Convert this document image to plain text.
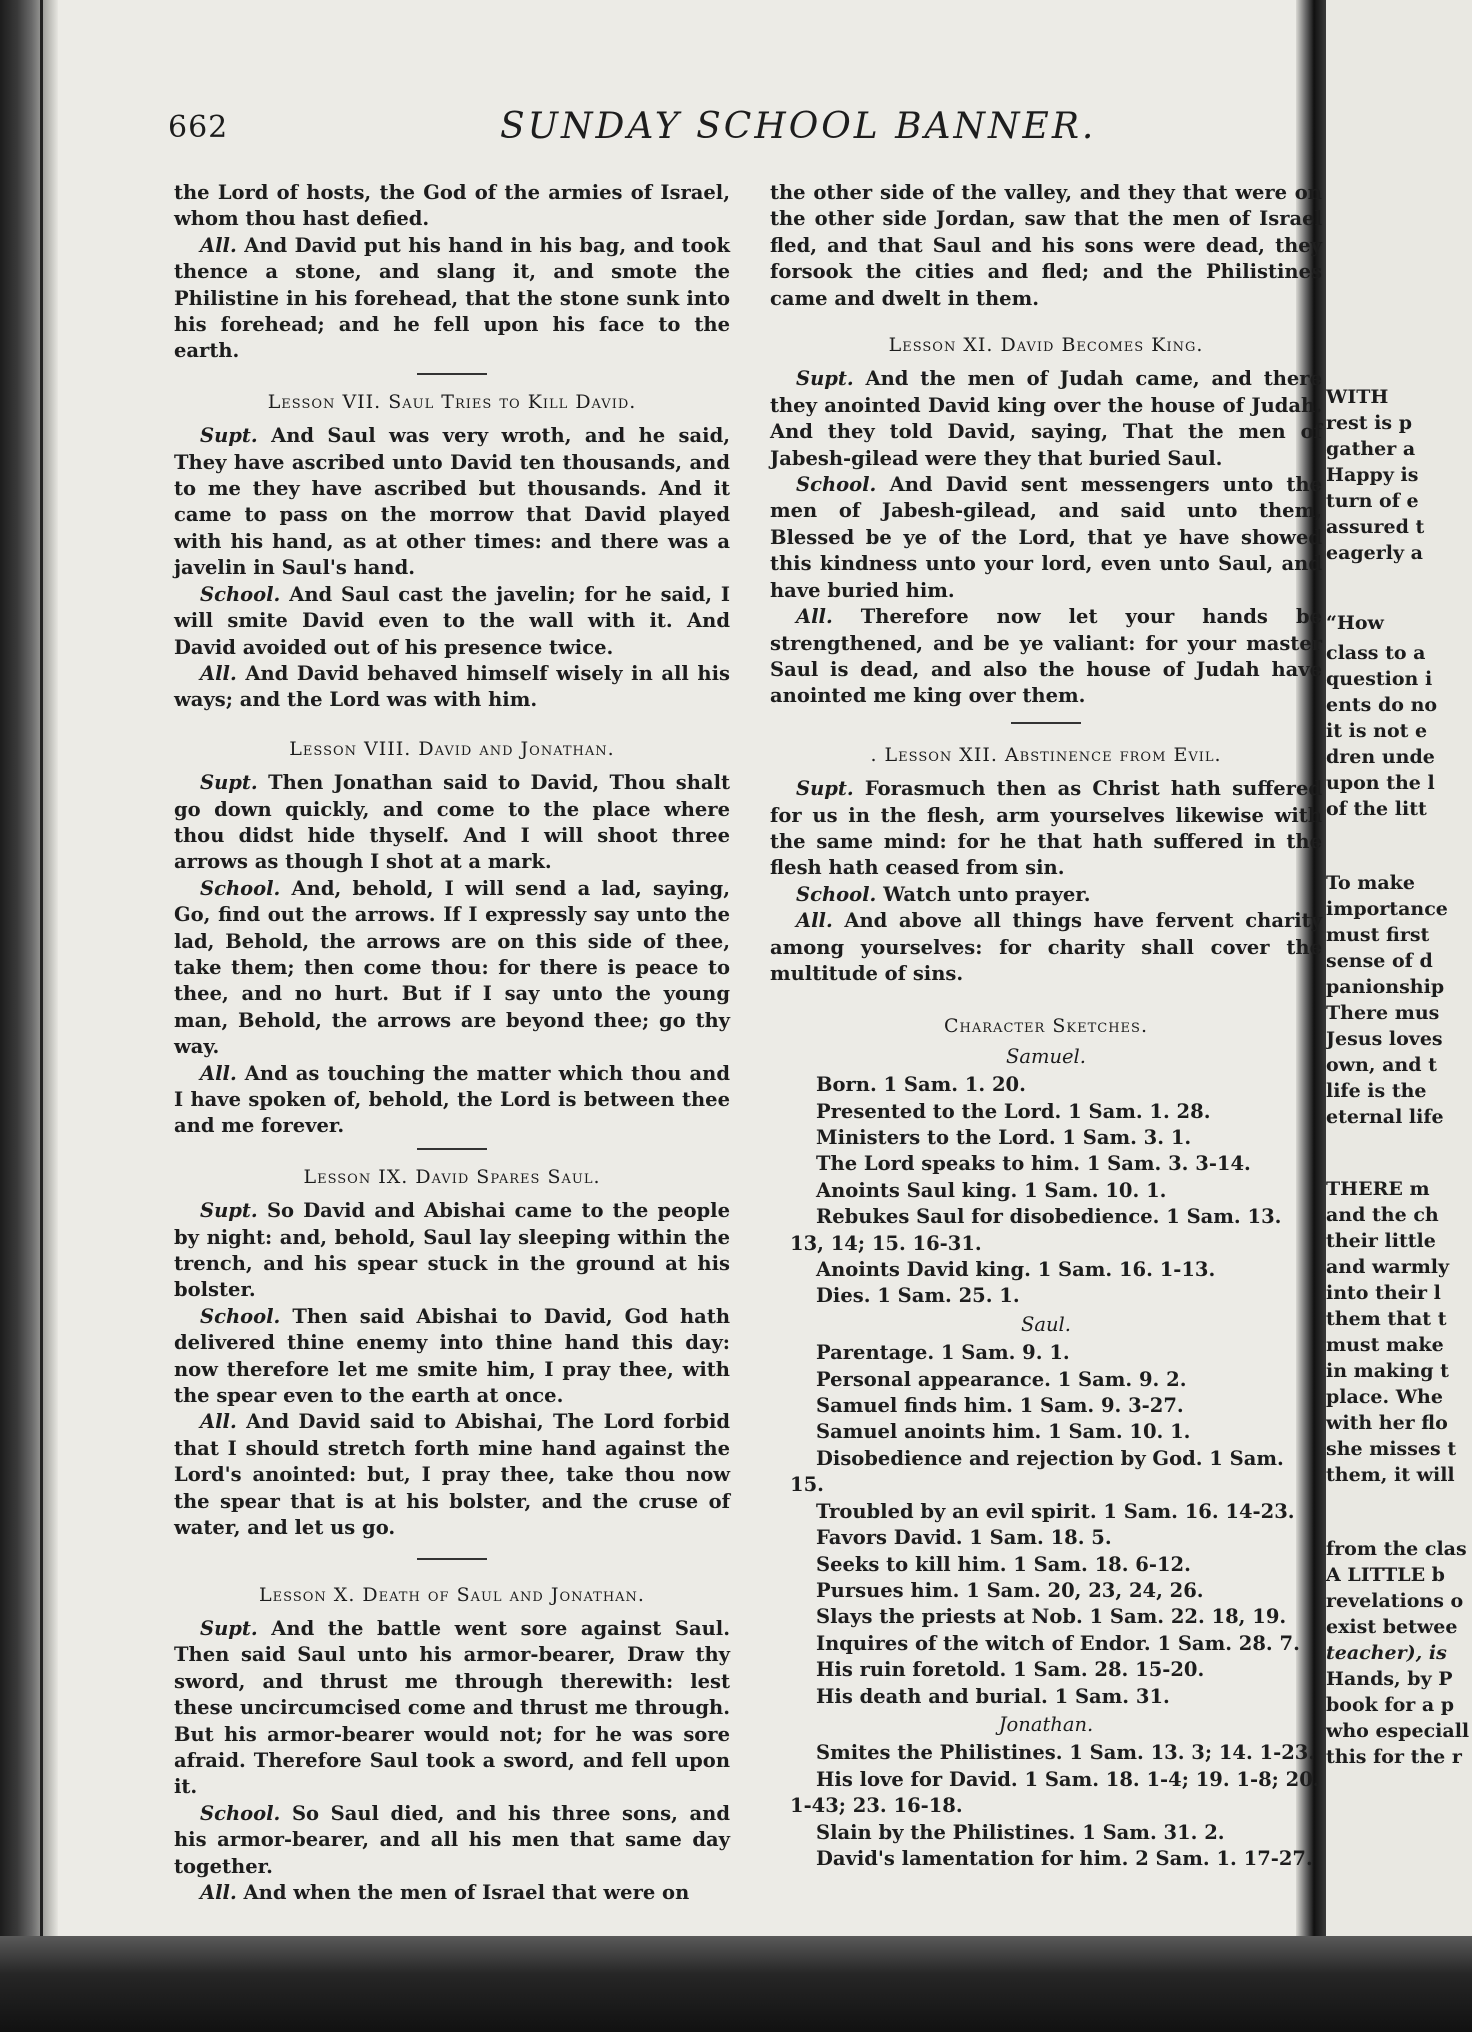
662	SUNDAY SCHOOL BANNER.

the Lord of hosts, the God of the armies of Israel, whom thou hast defied.

All. And David put his hand in his bag, and took thence a stone, and slang it, and smote the Philistine in his forehead, that the stone sunk into his forehead; and he fell upon his face to the earth.

Lesson VII. Saul Tries to Kill David.

Supt. And Saul was very wroth, and he said, They have ascribed unto David ten thousands, and to me they have ascribed but thousands. And it came to pass on the morrow that David played with his hand, as at other times: and there was a javelin in Saul's hand.

School. And Saul cast the javelin; for he said, I will smite David even to the wall with it. And David avoided out of his presence twice.

All. And David behaved himself wisely in all his ways; and the Lord was with him.

Lesson VIII. David and Jonathan.

Supt. Then Jonathan said to David, Thou shalt go down quickly, and come to the place where thou didst hide thyself. And I will shoot three arrows as though I shot at a mark.

School. And, behold, I will send a lad, saying, Go, find out the arrows. If I expressly say unto the lad, Behold, the arrows are on this side of thee, take them; then come thou: for there is peace to thee, and no hurt. But if I say unto the young man, Behold, the arrows are beyond thee; go thy way.

All. And as touching the matter which thou and I have spoken of, behold, the Lord is between thee and me forever.

Lesson IX. David Spares Saul.

Supt. So David and Abishai came to the people by night: and, behold, Saul lay sleeping within the trench, and his spear stuck in the ground at his bolster.

School. Then said Abishai to David, God hath delivered thine enemy into thine hand this day: now therefore let me smite him, I pray thee, with the spear even to the earth at once.

All. And David said to Abishai, The Lord forbid that I should stretch forth mine hand against the Lord's anointed: but, I pray thee, take thou now the spear that is at his bolster, and the cruse of water, and let us go.

Lesson X. Death of Saul and Jonathan.

Supt. And the battle went sore against Saul. Then said Saul unto his armor-bearer, Draw thy sword, and thrust me through therewith: lest these uncircumcised come and thrust me through. But his armor-bearer would not; for he was sore afraid. Therefore Saul took a sword, and fell upon it.

School. So Saul died, and his three sons, and his armor-bearer, and all his men that same day together.

All. And when the men of Israel that were on

the other side of the valley, and they that were on the other side Jordan, saw that the men of Israel fled, and that Saul and his sons were dead, they forsook the cities and fled; and the Philistines came and dwelt in them.

Lesson XI. David Becomes King.

Supt. And the men of Judah came, and there they anointed David king over the house of Judah. And they told David, saying, That the men of Jabesh-gilead were they that buried Saul.

School. And David sent messengers unto the men of Jabesh-gilead, and said unto them, Blessed be ye of the Lord, that ye have showed this kindness unto your lord, even unto Saul, and have buried him.

All. Therefore now let your hands be strengthened, and be ye valiant: for your master Saul is dead, and also the house of Judah have anointed me king over them.

. Lesson XII. Abstinence from Evil.

Supt. Forasmuch then as Christ hath suffered for us in the flesh, arm yourselves likewise with the same mind: for he that hath suffered in the flesh hath ceased from sin.

School. Watch unto prayer.

All. And above all things have fervent charity among yourselves: for charity shall cover the multitude of sins.

Character Sketches.
Samuel.

Born. 1 Sam. 1. 20.

Presented to the Lord. 1 Sam. 1. 28.

Ministers to the Lord. 1 Sam. 3. 1.

The Lord speaks to him. 1 Sam. 3. 3-14.

Anoints Saul king. 1 Sam. 10. 1.

Rebukes Saul for disobedience. 1 Sam. 13. 13, 14; 15. 16-31.

Anoints David king. 1 Sam. 16. 1-13.

Dies. 1 Sam. 25. 1.

Saul.

Parentage. 1 Sam. 9. 1.

Personal appearance. 1 Sam. 9. 2.

Samuel finds him. 1 Sam. 9. 3-27.

Samuel anoints him. 1 Sam. 10. 1.

Disobedience and rejection by God. 1 Sam. 15.

Troubled by an evil spirit. 1 Sam. 16. 14-23.

Favors David. 1 Sam. 18. 5.

Seeks to kill him. 1 Sam. 18. 6-12.

Pursues him. 1 Sam. 20, 23, 24, 26.

Slays the priests at Nob. 1 Sam. 22. 18, 19.

Inquires of the witch of Endor. 1 Sam. 28. 7.

His ruin foretold. 1 Sam. 28. 15-20.

His death and burial. 1 Sam. 31.

Jonathan.

Smites the Philistines. 1 Sam. 13. 3; 14. 1-23.

His love for David. 1 Sam. 18. 1-4; 19. 1-8; 20. 1-43; 23. 16-18.

Slain by the Philistines. 1 Sam. 31. 2.

David's lamentation for him. 2 Sam. 1. 17-27.

WITH
rest is p
gather a
Happy is
turn of e
assured t
eagerly a
“How
class to a
question i
ents do no
it is not e
dren unde
upon the l
of the litt
To make
importance
must first
sense of d
panionship
There mus
Jesus loves
own, and t
life is the
eternal life
THERE m
and the ch
their little
and warmly
into their l
them that t
must make
in making t
place. Whe
with her flo
she misses t
them, it will
from the clas
A LITTLE b
revelations o
exist betwee
teacher), is
Hands, by P
book for a p
who especiall
this for the r
